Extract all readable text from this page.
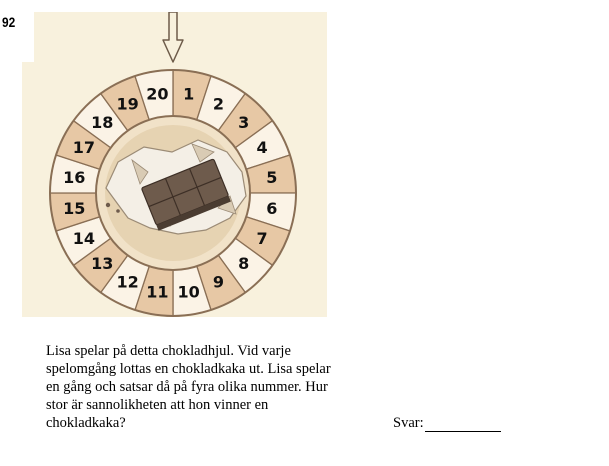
92
1
2
3
4
5
6
7
8
9
10
11
12
13
14
15
16
17
18
19
20
Lisa spelar på detta chokladhjul. Vid varje spelomgång lottas en chokladkaka ut. Lisa spelar en gång och satsar då på fyra olika nummer. Hur stor är sannolikheten att hon vinner en chokladkaka?	Svar:
